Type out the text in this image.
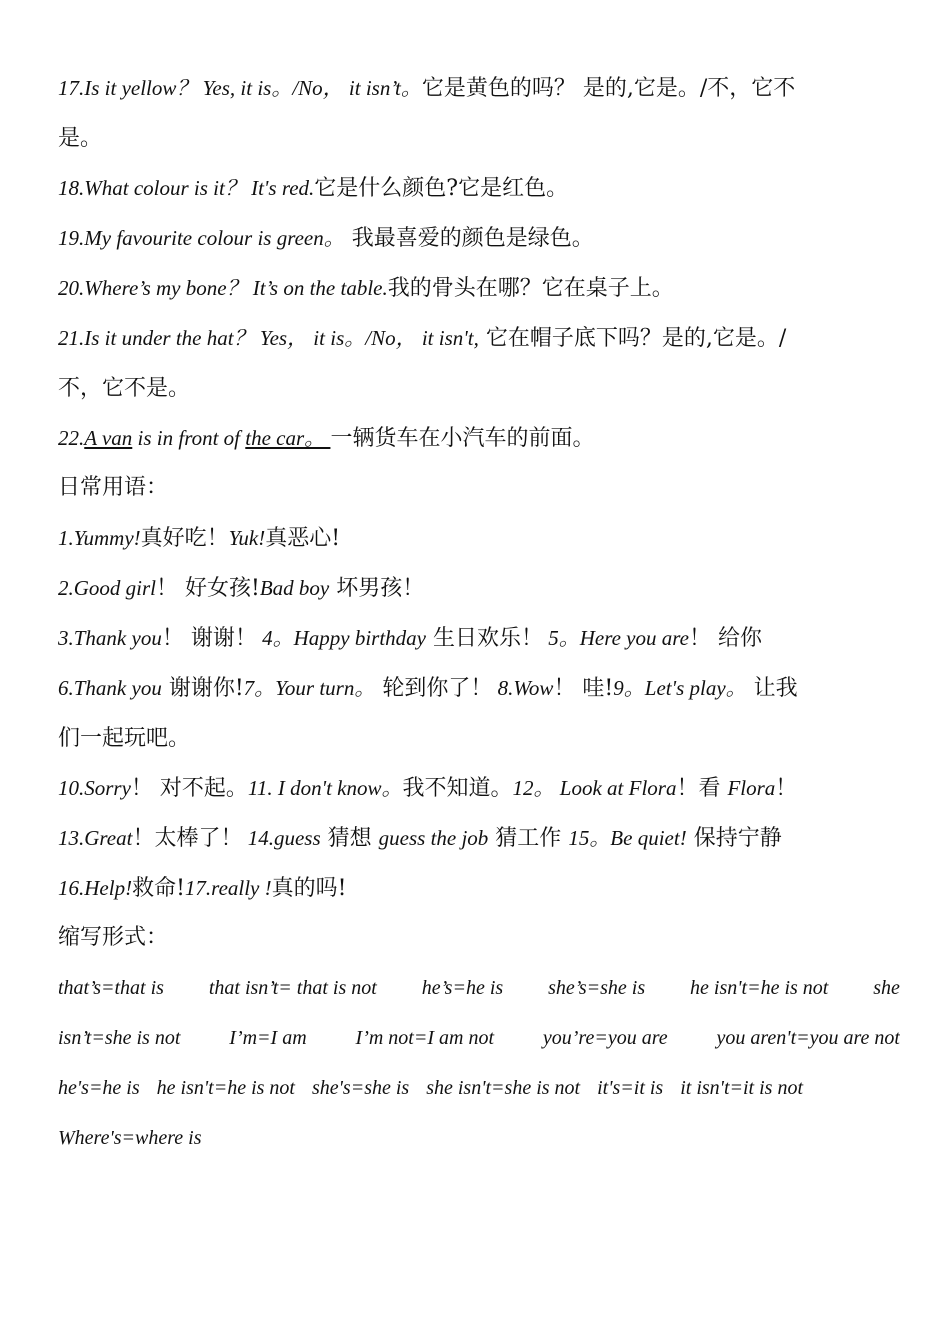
17.Is it yellow？ Yes, it is。/No， it isn’t。它是黄色的吗？ 是的,它是。/不，它不
是。
18.What colour is it？ It's red.它是什么颜色?它是红色。
19.My favourite colour is green。 我最喜爱的颜色是绿色。
20.Where’s my bone？ It’s on the table.我的骨头在哪？它在桌子上。
21.Is it under the hat？ Yes， it is。/No， it isn't, 它在帽子底下吗？是的,它是。/
不，它不是。
22.A van is in front of the car。 一辆货车在小汽车的前面。
日常用语：
1.Yummy!真好吃！Yuk!真恶心!
2.Good girl！ 好女孩!Bad boy 坏男孩！
3.Thank you！ 谢谢！ 4。Happy birthday 生日欢乐！ 5。Here you are！ 给你
6.Thank you 谢谢你!7。Your turn。 轮到你了！ 8.Wow！ 哇!9。Let's play。 让我
们一起玩吧。
10.Sorry！ 对不起。11. I don't know。我不知道。12。 Look at Flora！看 Flora！
13.Great！太棒了！ 14.guess 猜想 guess the job 猜工作 15。Be quiet! 保持宁静
16.Help!救命!17.really !真的吗!
缩写形式：
that’s=that is that isn’t= that is not he’s=he is she’s=she is he isn't=he is not she
isn’t=she is not I’m=I am I’m not=I am not you’re=you are you aren't=you are not
he's=he is he isn't=he is not she's=she is she isn't=she is not it's=it is it isn't=it is not
Where's=where is
